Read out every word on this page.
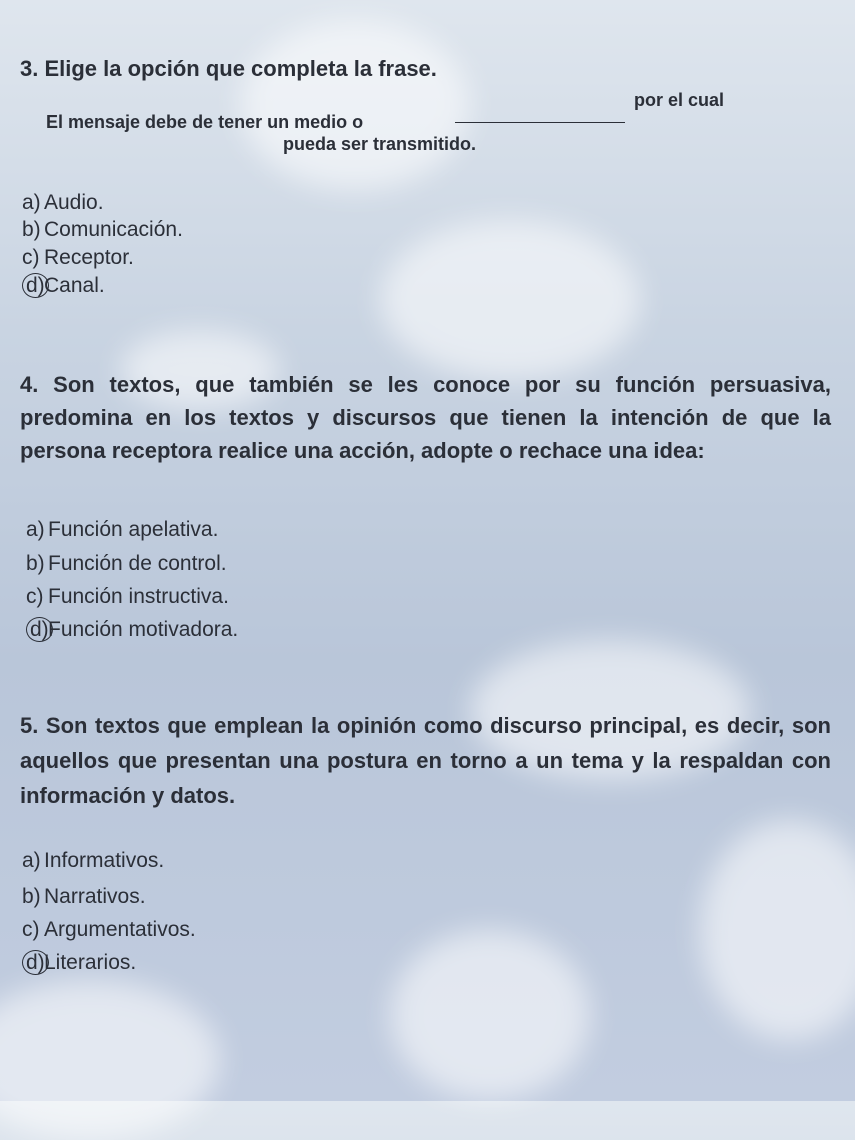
3. Elige la opción que completa la frase.
El mensaje debe de tener un medio o
por el cual
pueda ser transmitido.
a) Audio.
b) Comunicación.
c) Receptor.
d)Canal.
4. Son textos, que también se les conoce por su función persuasiva, predomina en los textos y discursos que tienen la intención de que la persona receptora realice una acción, adopte o rechace una idea:
a) Función apelativa.
b) Función de control.
c) Función instructiva.
d)Función motivadora.
5. Son textos que emplean la opinión como discurso principal, es decir, son aquellos que presentan una postura en torno a un tema y la respaldan con información y datos.
a) Informativos.
b) Narrativos.
c) Argumentativos.
d)Literarios.
